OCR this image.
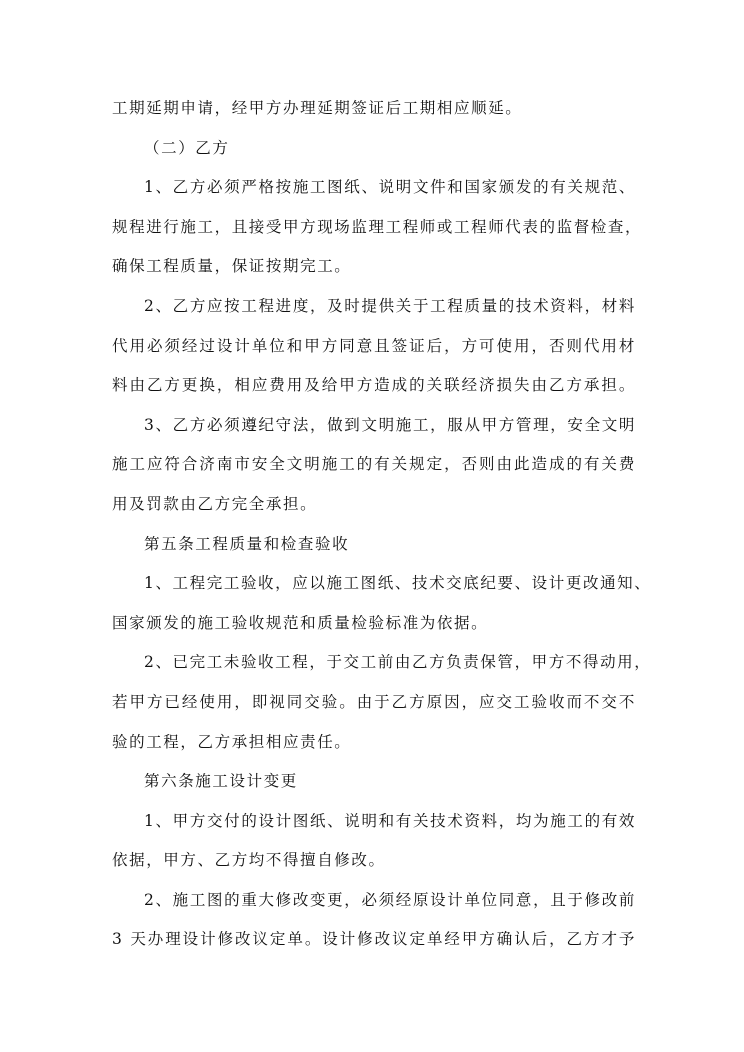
工期延期申请，经甲方办理延期签证后工期相应顺延。
（二）乙方
1、乙方必须严格按施工图纸、说明文件和国家颁发的有关规范、
规程进行施工，且接受甲方现场监理工程师或工程师代表的监督检查，
确保工程质量，保证按期完工。
2、乙方应按工程进度，及时提供关于工程质量的技术资料，材料
代用必须经过设计单位和甲方同意且签证后，方可使用，否则代用材
料由乙方更换，相应费用及给甲方造成的关联经济损失由乙方承担。
3、乙方必须遵纪守法，做到文明施工，服从甲方管理，安全文明
施工应符合济南市安全文明施工的有关规定，否则由此造成的有关费
用及罚款由乙方完全承担。
第五条工程质量和检查验收
1、工程完工验收，应以施工图纸、技术交底纪要、设计更改通知、
国家颁发的施工验收规范和质量检验标准为依据。
2、已完工未验收工程，于交工前由乙方负责保管，甲方不得动用，
若甲方已经使用，即视同交验。由于乙方原因，应交工验收而不交不
验的工程，乙方承担相应责任。
第六条施工设计变更
1、甲方交付的设计图纸、说明和有关技术资料，均为施工的有效
依据，甲方、乙方均不得擅自修改。
2、施工图的重大修改变更，必须经原设计单位同意，且于修改前
3 天办理设计修改议定单。设计修改议定单经甲方确认后，乙方才予
